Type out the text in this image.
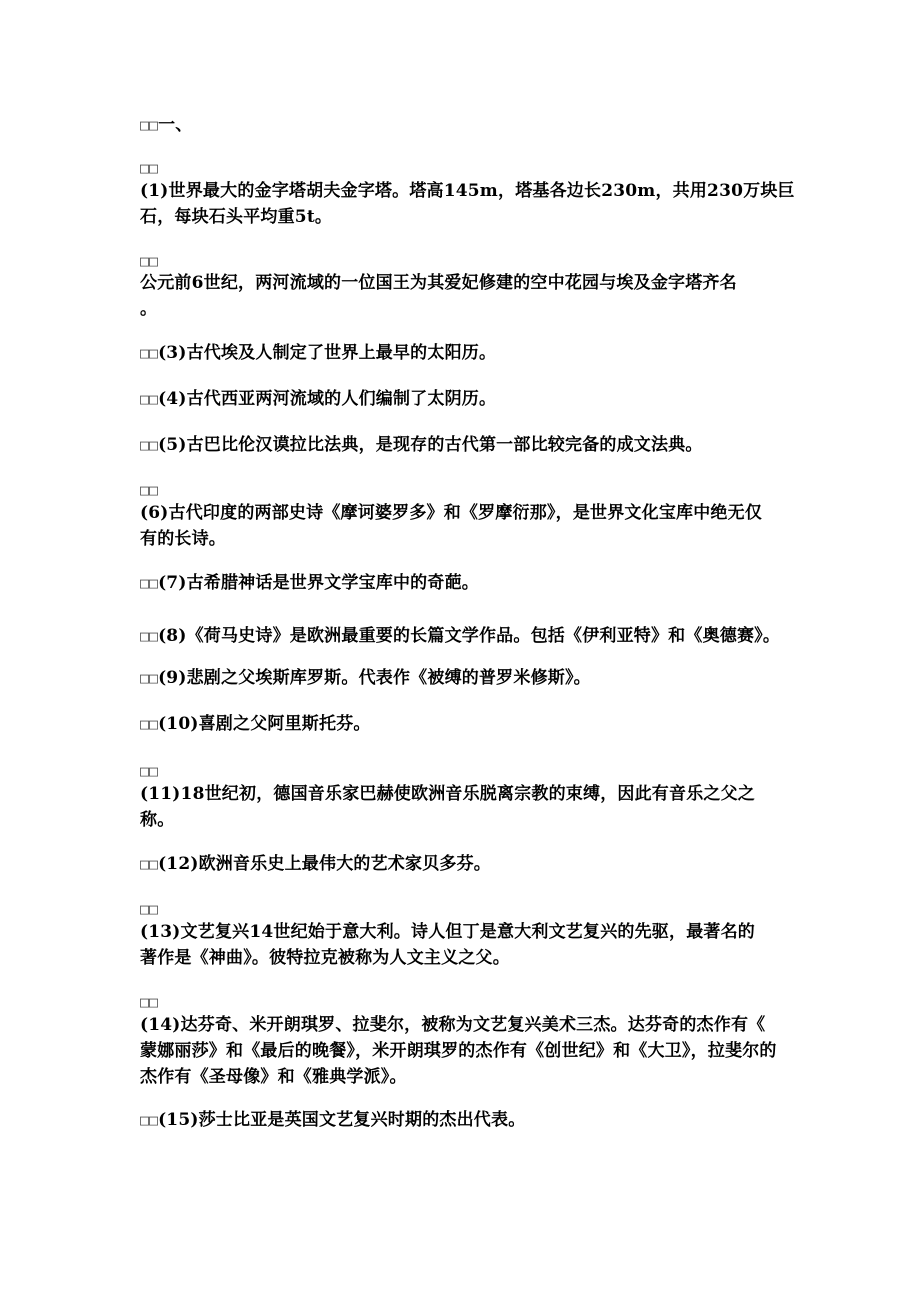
□□一、
□□
(1)世界最大的金字塔胡夫金字塔。塔高145m，塔基各边长230m，共用230万块巨
石，每块石头平均重5t。
□□
公元前6世纪，两河流域的一位国王为其爱妃修建的空中花园与埃及金字塔齐名
。
□□(3)古代埃及人制定了世界上最早的太阳历。
□□(4)古代西亚两河流域的人们编制了太阴历。
□□(5)古巴比伦汉谟拉比法典，是现存的古代第一部比较完备的成文法典。
□□
(6)古代印度的两部史诗《摩诃婆罗多》和《罗摩衍那》，是世界文化宝库中绝无仅
有的长诗。
□□(7)古希腊神话是世界文学宝库中的奇葩。
□□(8)《荷马史诗》是欧洲最重要的长篇文学作品。包括《伊利亚特》和《奥德赛》。
□□(9)悲剧之父埃斯库罗斯。代表作《被缚的普罗米修斯》。
□□(10)喜剧之父阿里斯托芬。
□□
(11)18世纪初，德国音乐家巴赫使欧洲音乐脱离宗教的束缚，因此有音乐之父之
称。
□□(12)欧洲音乐史上最伟大的艺术家贝多芬。
□□
(13)文艺复兴14世纪始于意大利。诗人但丁是意大利文艺复兴的先驱，最著名的
著作是《神曲》。彼特拉克被称为人文主义之父。
□□
(14)达芬奇、米开朗琪罗、拉斐尔，被称为文艺复兴美术三杰。达芬奇的杰作有《
蒙娜丽莎》和《最后的晚餐》，米开朗琪罗的杰作有《创世纪》和《大卫》，拉斐尔的
杰作有《圣母像》和《雅典学派》。
□□(15)莎士比亚是英国文艺复兴时期的杰出代表。
